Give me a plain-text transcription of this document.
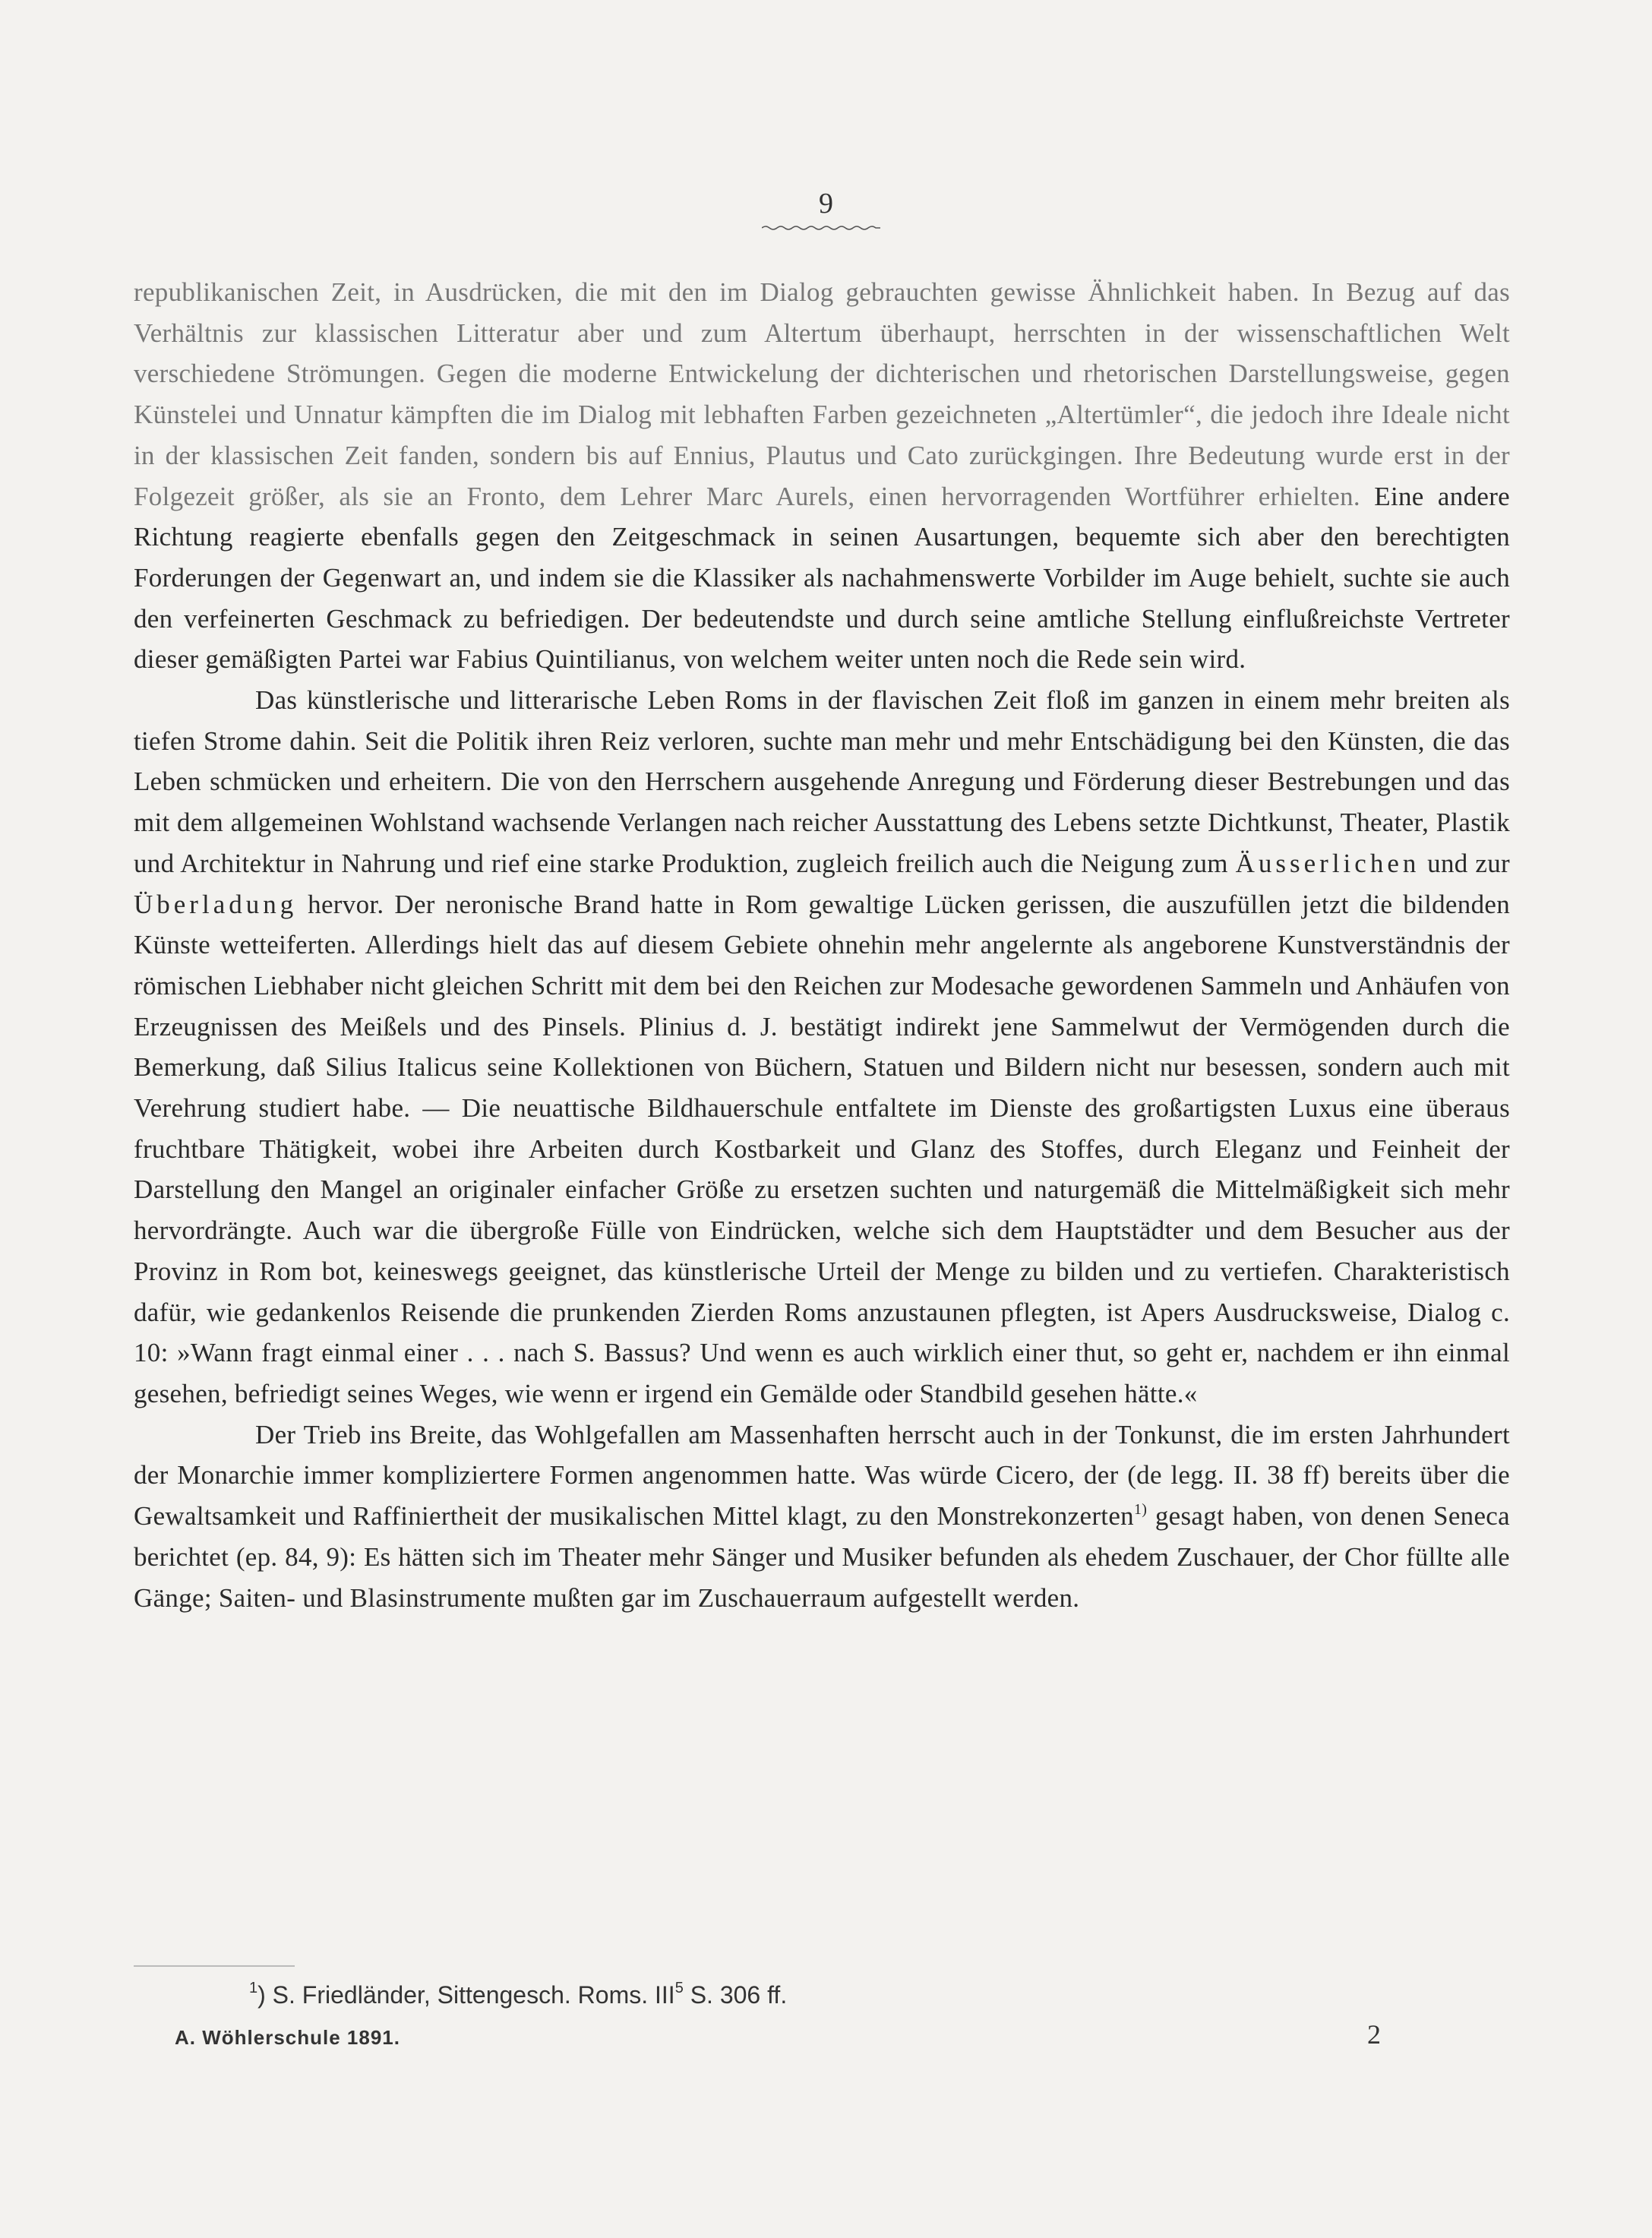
9

republikanischen Zeit, in Ausdrücken, die mit den im Dialog gebrauchten gewisse Ähnlichkeit haben. In Bezug auf das Verhältnis zur klassischen Litteratur aber und zum Altertum überhaupt, herrschten in der wissenschaftlichen Welt verschiedene Strömungen. Gegen die moderne Entwickelung der dichterischen und rhetorischen Darstellungsweise, gegen Künstelei und Unnatur kämpften die im Dialog mit lebhaften Farben gezeichneten „Altertümler“, die jedoch ihre Ideale nicht in der klassischen Zeit fanden, sondern bis auf Ennius, Plautus und Cato zurückgingen. Ihre Bedeutung wurde erst in der Folgezeit größer, als sie an Fronto, dem Lehrer Marc Aurels, einen hervorragenden Wortführer erhielten. Eine andere Richtung reagierte ebenfalls gegen den Zeitgeschmack in seinen Ausartungen, bequemte sich aber den berechtigten Forderungen der Gegenwart an, und indem sie die Klassiker als nachahmenswerte Vorbilder im Auge behielt, suchte sie auch den verfeinerten Geschmack zu befriedigen. Der bedeutendste und durch seine amtliche Stellung einflußreichste Vertreter dieser gemäßigten Partei war Fabius Quintilianus, von welchem weiter unten noch die Rede sein wird.

Das künstlerische und litterarische Leben Roms in der flavischen Zeit floß im ganzen in einem mehr breiten als tiefen Strome dahin. Seit die Politik ihren Reiz verloren, suchte man mehr und mehr Entschädigung bei den Künsten, die das Leben schmücken und erheitern. Die von den Herrschern ausgehende Anregung und Förderung dieser Bestrebungen und das mit dem allgemeinen Wohlstand wachsende Verlangen nach reicher Ausstattung des Lebens setzte Dichtkunst, Theater, Plastik und Architektur in Nahrung und rief eine starke Produktion, zugleich freilich auch die Neigung zum Äusserlichen und zur Überladung hervor. Der neronische Brand hatte in Rom gewaltige Lücken gerissen, die auszufüllen jetzt die bildenden Künste wetteiferten. Allerdings hielt das auf diesem Gebiete ohnehin mehr angelernte als angeborene Kunstverständnis der römischen Liebhaber nicht gleichen Schritt mit dem bei den Reichen zur Modesache gewordenen Sammeln und Anhäufen von Erzeugnissen des Meißels und des Pinsels. Plinius d. J. bestätigt indirekt jene Sammelwut der Vermögenden durch die Bemerkung, daß Silius Italicus seine Kollektionen von Büchern, Statuen und Bildern nicht nur besessen, sondern auch mit Verehrung studiert habe. — Die neuattische Bildhauerschule entfaltete im Dienste des großartigsten Luxus eine überaus fruchtbare Thätigkeit, wobei ihre Arbeiten durch Kostbarkeit und Glanz des Stoffes, durch Eleganz und Feinheit der Darstellung den Mangel an originaler einfacher Größe zu ersetzen suchten und naturgemäß die Mittelmäßigkeit sich mehr hervordrängte. Auch war die übergroße Fülle von Eindrücken, welche sich dem Hauptstädter und dem Besucher aus der Provinz in Rom bot, keineswegs geeignet, das künstlerische Urteil der Menge zu bilden und zu vertiefen. Charakteristisch dafür, wie gedankenlos Reisende die prunkenden Zierden Roms anzustaunen pflegten, ist Apers Ausdrucksweise, Dialog c. 10: »Wann fragt einmal einer . . . nach S. Bassus? Und wenn es auch wirklich einer thut, so geht er, nachdem er ihn einmal gesehen, befriedigt seines Weges, wie wenn er irgend ein Gemälde oder Standbild gesehen hätte.«

Der Trieb ins Breite, das Wohlgefallen am Massenhaften herrscht auch in der Tonkunst, die im ersten Jahrhundert der Monarchie immer kompliziertere Formen angenommen hatte. Was würde Cicero, der (de legg. II. 38 ff) bereits über die Gewaltsamkeit und Raffiniertheit der musikalischen Mittel klagt, zu den Monstrekonzerten$^{1)}$ gesagt haben, von denen Seneca berichtet (ep. 84, 9): Es hätten sich im Theater mehr Sänger und Musiker befunden als ehedem Zuschauer, der Chor füllte alle Gänge; Saiten- und Blasinstrumente mußten gar im Zuschauerraum aufgestellt werden.

$^1$) S. Friedländer, Sittengesch. Roms. III$^5$ S. 306 ff.
A. Wöhlerschule 1891.	2
